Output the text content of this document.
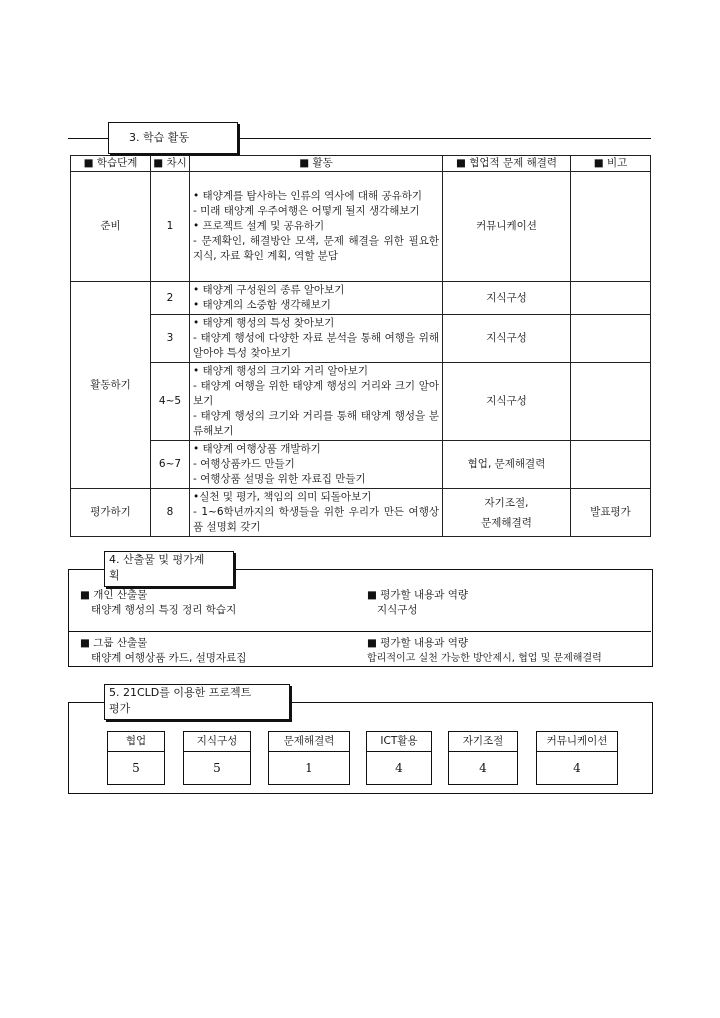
3. 학습 활동
■ 학습단계	■ 차시	■ 활동	■ 협업적 문제 해결력	■ 비고
준비	1	• 태양계를 탐사하는 인류의 역사에 대해 공유하기
- 미래 태양계 우주여행은 어떻게 될지 생각해보기
• 프로젝트 설계 및 공유하기
- 문제확인, 해결방안 모색, 문제 해결을 위한 필요한 지식, 자료 확인 계획, 역할 분담	커뮤니케이션	
활동하기	2	• 태양계 구성원의 종류 알아보기
• 태양계의 소중함 생각해보기	지식구성	
	3	• 태양계 행성의 특성 찾아보기
- 태양계 행성에 다양한 자료 분석을 통해 여행을 위해 알아야 특성 찾아보기	지식구성	
	4~5	• 태양계 행성의 크기와 거리 알아보기
- 태양계 여행을 위한 태양계 행성의 거리와 크기 알아보기
- 태양계 행성의 크기와 거리를 통해 태양계 행성을 분류해보기	지식구성	
	6~7	• 태양계 여행상품 개발하기
- 여행상품카드 만들기
- 여행상품 설명을 위한 자료집 만들기	협업, 문제해결력	
평가하기	8	•실천 및 평가, 책임의 의미 되돌아보기
- 1~6학년까지의 학생들을 위한 우리가 만든 여행상품 설명회 갖기	자기조절,
문제해결력	발표평가
4. 산출물 및 평가계
획
■ 개인 산출물
태양계 행성의 특징 정리 학습지
■ 평가할 내용과 역량
지식구성
■ 그룹 산출물
태양계 여행상품 카드, 설명자료집
■ 평가할 내용과 역량
합리적이고 실천 가능한 방안제시, 협업 및 문제해결력
5. 21CLD를 이용한 프로젝트
평가
협업
5
지식구성
5
문제해결력
1
ICT활용
4
자기조절
4
커뮤니케이션
4
